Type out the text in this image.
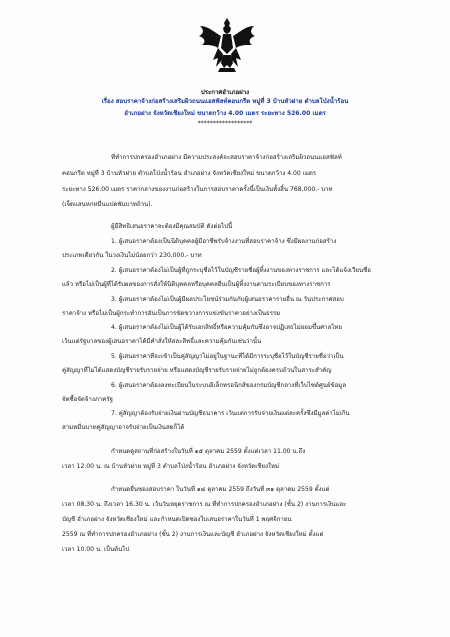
ประกาศอำเภอฝาง
เรื่อง สอบราคาจ้างก่อสร้างเสริมผิวถนนแอสฟัลท์คอนกรีต หมู่ที่ 3 บ้านหัวฝาย ตำบลโป่งน้ำร้อน
อำเภอฝาง จังหวัดเชียงใหม่ ขนาดกว้าง 4.00 เมตร ระยะทาง 526.00 เมตร
******************
ที่ทำการปกครองอำเภอฝาง มีความประสงค์จะสอบราคาจ้างก่อสร้างเสริมผิวถนนแอสฟัลท์
คอนกรีต หมู่ที่ 3 บ้านหัวฝาย ตำบลโป่งน้ำร้อน อำเภอฝาง จังหวัดเชียงใหม่ ขนาดกว้าง 4.00 เมตร
ระยะทาง 526.00 เมตร ราคากลางของงานก่อสร้างในการสอบราคาครั้งนี้เป็นเงินทั้งสิ้น 768,000.- บาท
(เจ็ดแสนหกหมื่นแปดพันบาทถ้วน).
ผู้มีสิทธิเสนอราคาจะต้องมีคุณสมบัติ ดังต่อไปนี้
1. ผู้เสนอราคาต้องเป็นนิติบุคคลผู้มีอาชีพรับจ้างงานที่สอบราคาจ้าง ซึ่งมีผลงานก่อสร้าง
ประเภทเดียวกัน ในวงเงินไม่น้อยกว่า 230,000.- บาท
2. ผู้เสนอราคาต้องไม่เป็นผู้ที่ถูกระบุชื่อไว้ในบัญชีรายชื่อผู้ทิ้งงานของทางราชการ และได้แจ้งเวียนชื่อ
แล้ว หรือไม่เป็นผู้ที่ได้รับผลของการสั่งให้นิติบุคคลหรือบุคคลอื่นเป็นผู้ทิ้งงานตามระเบียบของทางราชการ
3. ผู้เสนอราคาต้องไม่เป็นผู้มีผลประโยชน์ร่วมกันกับผู้เสนอราคารายอื่น ณ วันประกาศสอบ
ราคาจ้าง หรือไม่เป็นผู้กระทำการอันเป็นการขัดขวางการแข่งขันราคาอย่างเป็นธรรม
4. ผู้เสนอราคาต้องไม่เป็นผู้ได้รับเอกสิทธิ์หรือความคุ้มกันซึ่งอาจปฏิเสธไม่ยอมขึ้นศาลไทย
เว้นแต่รัฐบาลของผู้เสนอราคาได้มีคำสั่งให้สละสิทธิ์และความคุ้มกันเช่นว่านั้น
5. ผู้เสนอราคาที่จะเข้าเป็นคู่สัญญาไม่อยู่ในฐานะที่ได้มีการระบุชื่อไว้ในบัญชีรายชื่อว่าเป็น
คู่สัญญาที่ไม่ได้แสดงบัญชีรายรับรายจ่าย หรือแสดงบัญชีรายรับรายจ่ายไม่ถูกต้องครบถ้วนในสาระสำคัญ
6. ผู้เสนอราคาต้องลงทะเบียนในระบบอิเล็กทรอนิกส์ของกรมบัญชีกลางที่เว็บไซต์ศูนย์ข้อมูล
จัดซื้อจัดจ้างภาครัฐ
7. คู่สัญญาต้องรับจ่ายเงินผ่านบัญชีธนาคาร เว้นแต่การรับจ่ายเงินแต่ละครั้งซึ่งมีมูลค่าไม่เกิน
สามหมื่นบาทคู่สัญญาอาจรับจ่ายเป็นเงินสดก็ได้
กำหนดดูสถานที่ก่อสร้างในวันที่ ๑๕ ตุลาคม 2559 ตั้งแต่เวลา 11.00 น.ถึง
เวลา 12.00 น. ณ บ้านหัวฝาย หมู่ที่ 3 ตำบลโป่งน้ำร้อน อำเภอฝาง จังหวัดเชียงใหม่
กำหนดยื่นซองสอบราคา ในวันที่ ๑๘ ตุลาคม 2559 ถึงวันที่ ๓๑ ตุลาคม 2559 ตั้งแต่
เวลา 08.30 น. ถึงเวลา 16.30 น. เว้นวันหยุดราชการ ณ ที่ทำการปกครองอำเภอฝาง (ชั้น 2) งานการเงินและ
บัญชี อำเภอฝาง จังหวัดเชียงใหม่ และกำหนดเปิดซองใบเสนอราคาในวันที่ 1 พฤศจิกายน
2559 ณ ที่ทำการปกครองอำเภอฝาง (ชั้น 2) งานการเงินและบัญชี อำเภอฝาง จังหวัดเชียงใหม่ ตั้งแต่
เวลา 10.00 น. เป็นต้นไป
